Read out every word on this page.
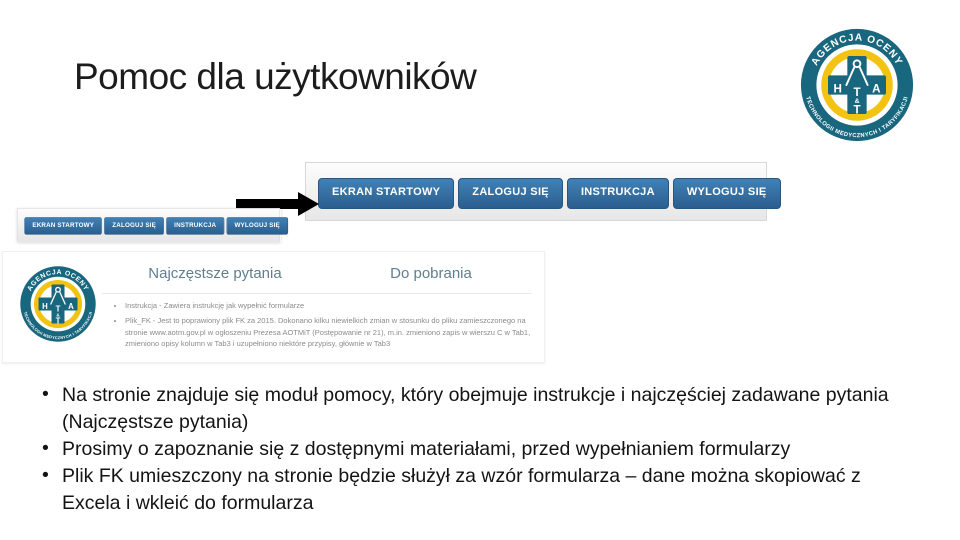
Pomoc dla użytkowników
EKRAN STARTOWY	ZALOGUJ SIĘ	INSTRUKCJA	WYLOGUJ SIĘ
EKRAN STARTOWY ZALOGUJ SIĘ INSTRUKCJA WYLOGUJ SIĘ
Najczęstsze pytania	Do pobrania
• Instrukcja - Zawiera instrukcję jak wypełnić formularze
• Plik_FK - Jest to poprawiony plik FK za 2015. Dokonano kilku niewielkich zmian w stosunku do pliku zamieszczonego na stronie www.aotm.gov.pl w ogłoszeniu Prezesa AOTMiT (Postępowanie nr 21), m.in. zmieniono zapis w wierszu C w Tab1, zmieniono opisy kolumn w Tab3 i uzupełniono niektóre przypisy, głównie w Tab3
• Na stronie znajduje się moduł pomocy, który obejmuje instrukcje i najczęściej zadawane pytania (Najczęstsze pytania)
• Prosimy o zapoznanie się z dostępnymi materiałami, przed wypełnianiem formularzy
• Plik FK umieszczony na stronie będzie służył za wzór formularza – dane można skopiować z Excela i wkleić do formularza
